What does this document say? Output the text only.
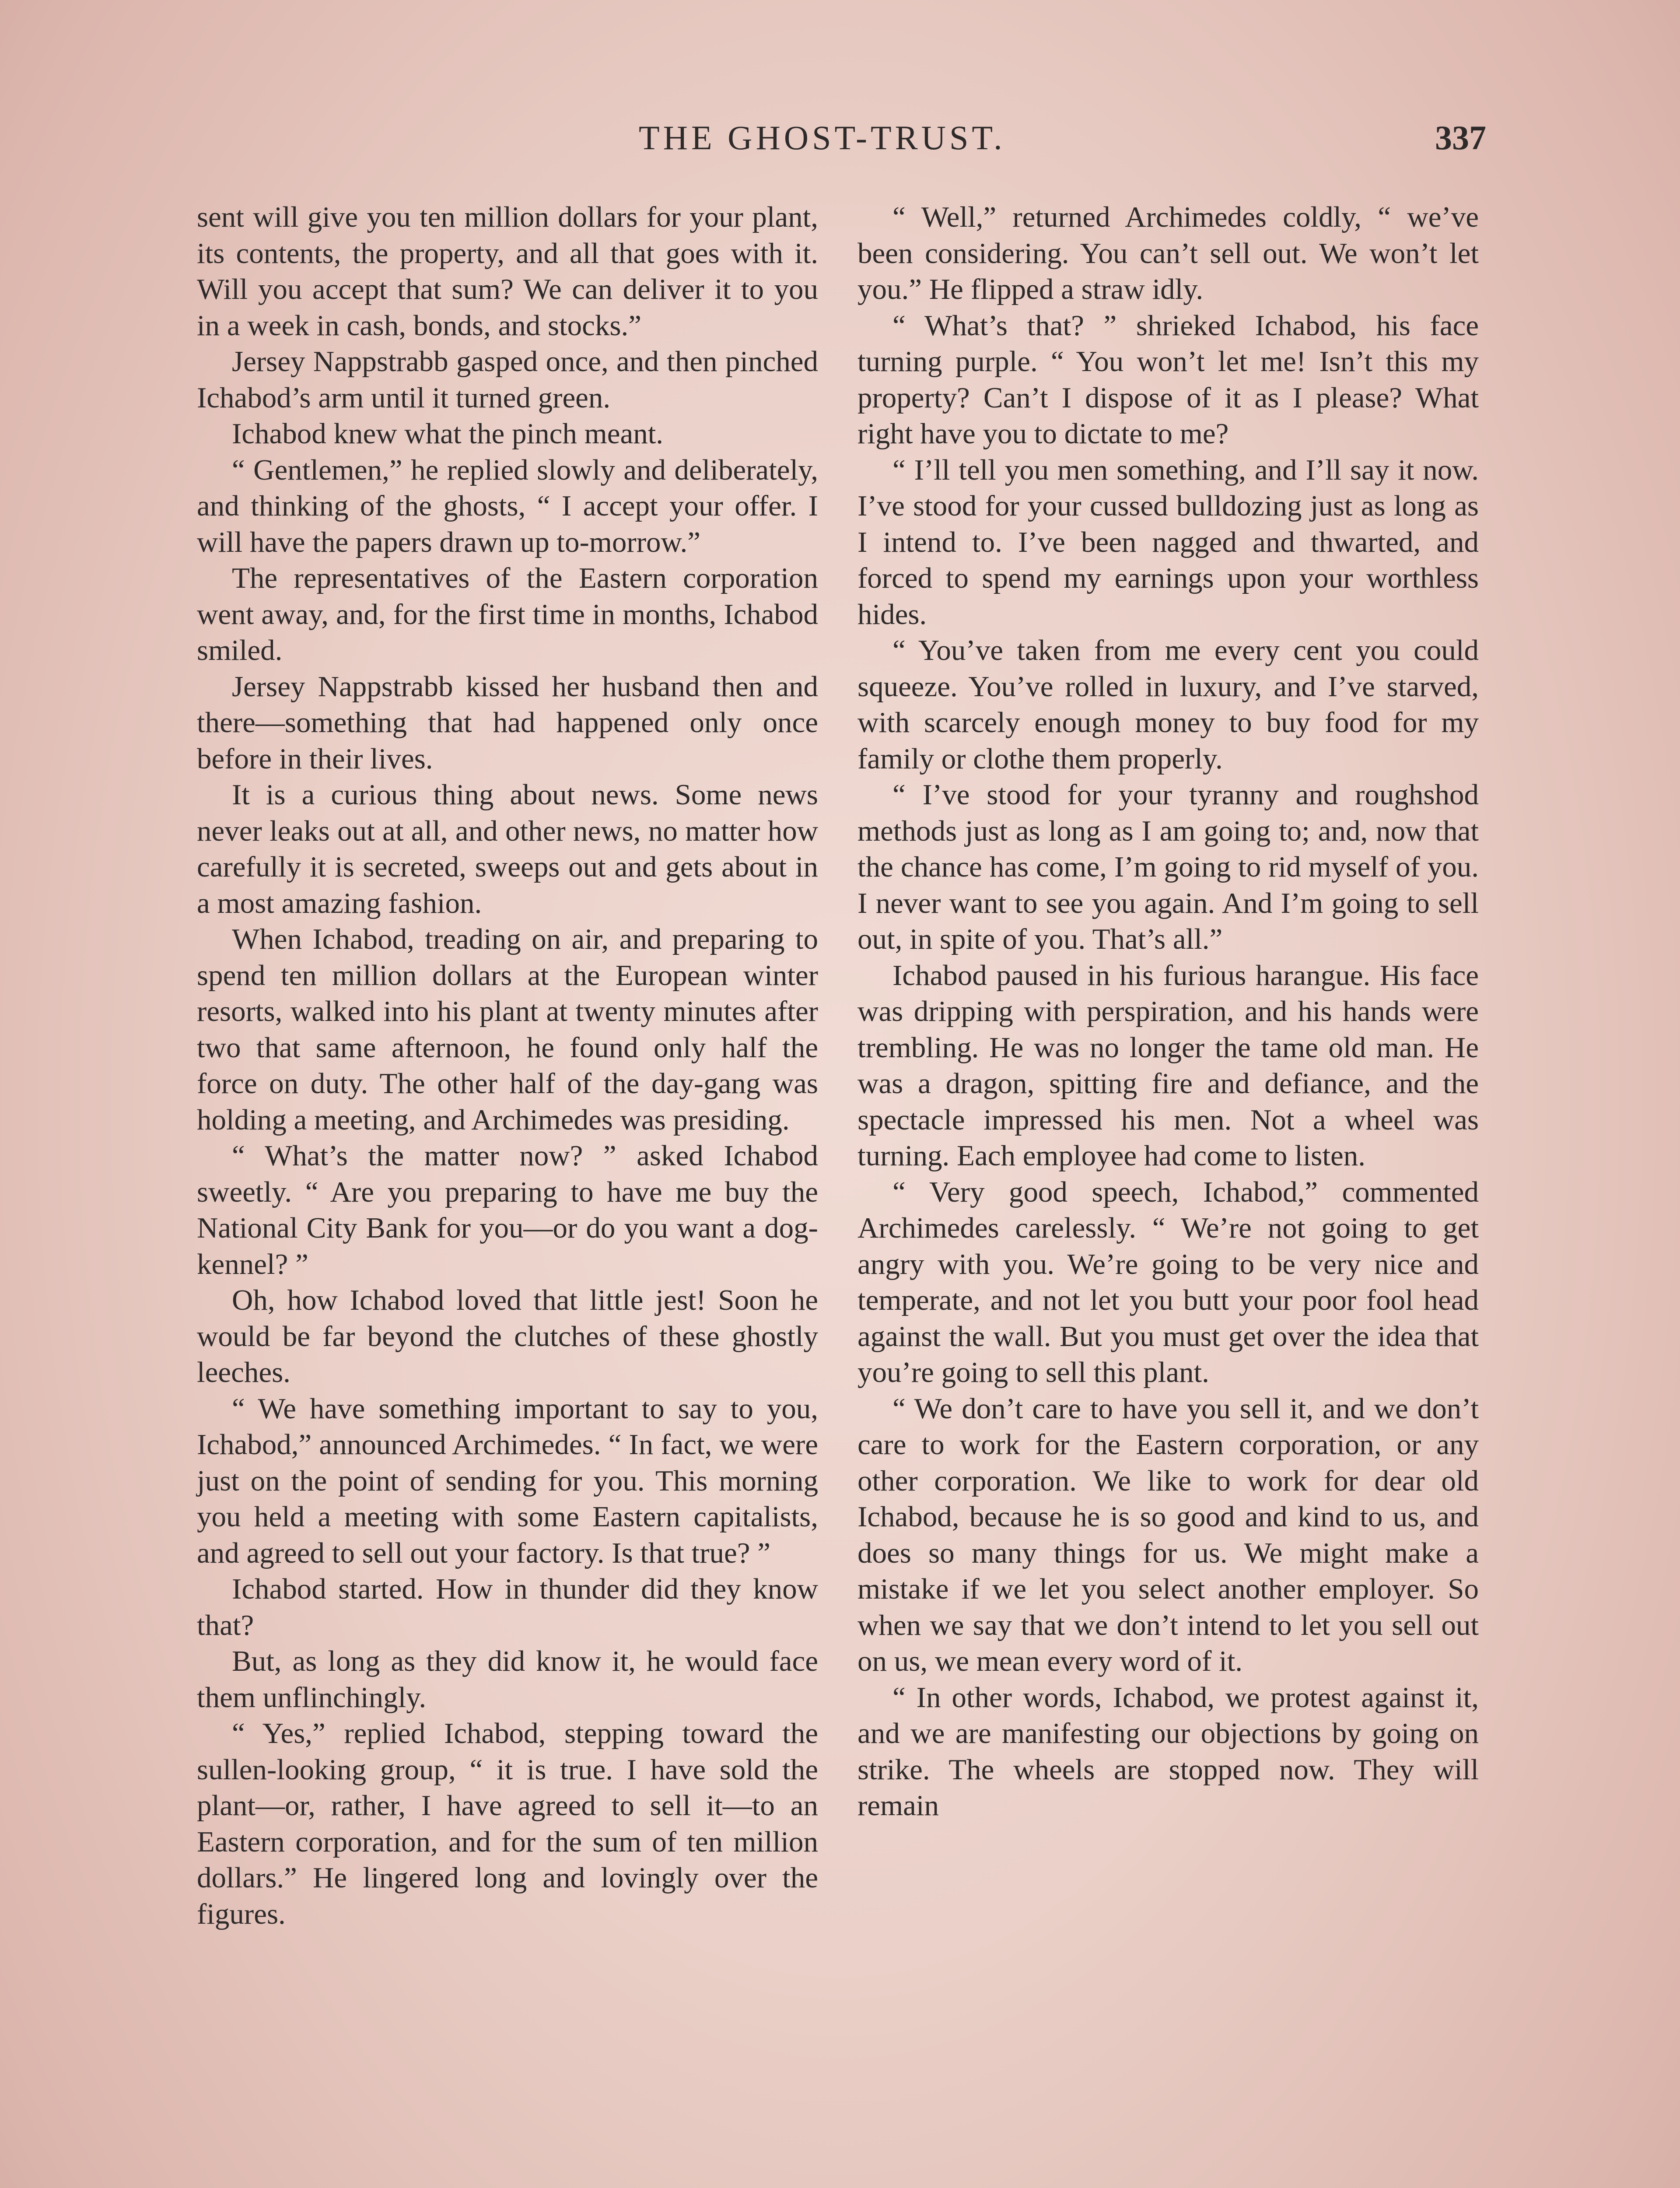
THE GHOST-TRUST.	337

sent will give you ten million dollars for your plant, its contents, the property, and all that goes with it. Will you accept that sum? We can deliver it to you in a week in cash, bonds, and stocks.”

Jersey Nappstrabb gasped once, and then pinched Ichabod’s arm until it turned green.

Ichabod knew what the pinch meant.

“ Gentlemen,” he replied slowly and deliberately, and thinking of the ghosts, “ I accept your offer. I will have the papers drawn up to-morrow.”

The representatives of the Eastern corporation went away, and, for the first time in months, Ichabod smiled.

Jersey Nappstrabb kissed her husband then and there—something that had happened only once before in their lives.

It is a curious thing about news. Some news never leaks out at all, and other news, no matter how carefully it is secreted, sweeps out and gets about in a most amazing fashion.

When Ichabod, treading on air, and preparing to spend ten million dollars at the European winter resorts, walked into his plant at twenty minutes after two that same afternoon, he found only half the force on duty. The other half of the day-gang was holding a meeting, and Archimedes was presiding.

“ What’s the matter now? ” asked Ichabod sweetly. “ Are you preparing to have me buy the National City Bank for you—or do you want a dog-kennel? ”

Oh, how Ichabod loved that little jest! Soon he would be far beyond the clutches of these ghostly leeches.

“ We have something important to say to you, Ichabod,” announced Archimedes. “ In fact, we were just on the point of sending for you. This morning you held a meeting with some Eastern capitalists, and agreed to sell out your factory. Is that true? ”

Ichabod started. How in thunder did they know that?

But, as long as they did know it, he would face them unflinchingly.

“ Yes,” replied Ichabod, stepping toward the sullen-looking group, “ it is true. I have sold the plant—or, rather, I have agreed to sell it—to an Eastern corporation, and for the sum of ten million dollars.” He lingered long and lovingly over the figures.

“ Well,” returned Archimedes coldly, “ we’ve been considering. You can’t sell out. We won’t let you.” He flipped a straw idly.

“ What’s that? ” shrieked Ichabod, his face turning purple. “ You won’t let me! Isn’t this my property? Can’t I dispose of it as I please? What right have you to dictate to me?

“ I’ll tell you men something, and I’ll say it now. I’ve stood for your cussed bulldozing just as long as I intend to. I’ve been nagged and thwarted, and forced to spend my earnings upon your worthless hides.

“ You’ve taken from me every cent you could squeeze. You’ve rolled in luxury, and I’ve starved, with scarcely enough money to buy food for my family or clothe them properly.

“ I’ve stood for your tyranny and roughshod methods just as long as I am going to; and, now that the chance has come, I’m going to rid myself of you. I never want to see you again. And I’m going to sell out, in spite of you. That’s all.”

Ichabod paused in his furious harangue. His face was dripping with perspiration, and his hands were trembling. He was no longer the tame old man. He was a dragon, spitting fire and defiance, and the spectacle impressed his men. Not a wheel was turning. Each employee had come to listen.

“ Very good speech, Ichabod,” commented Archimedes carelessly. “ We’re not going to get angry with you. We’re going to be very nice and temperate, and not let you butt your poor fool head against the wall. But you must get over the idea that you’re going to sell this plant.

“ We don’t care to have you sell it, and we don’t care to work for the Eastern corporation, or any other corporation. We like to work for dear old Ichabod, because he is so good and kind to us, and does so many things for us. We might make a mistake if we let you select another employer. So when we say that we don’t intend to let you sell out on us, we mean every word of it.

“ In other words, Ichabod, we protest against it, and we are manifesting our objections by going on strike. The wheels are stopped now. They will remain
